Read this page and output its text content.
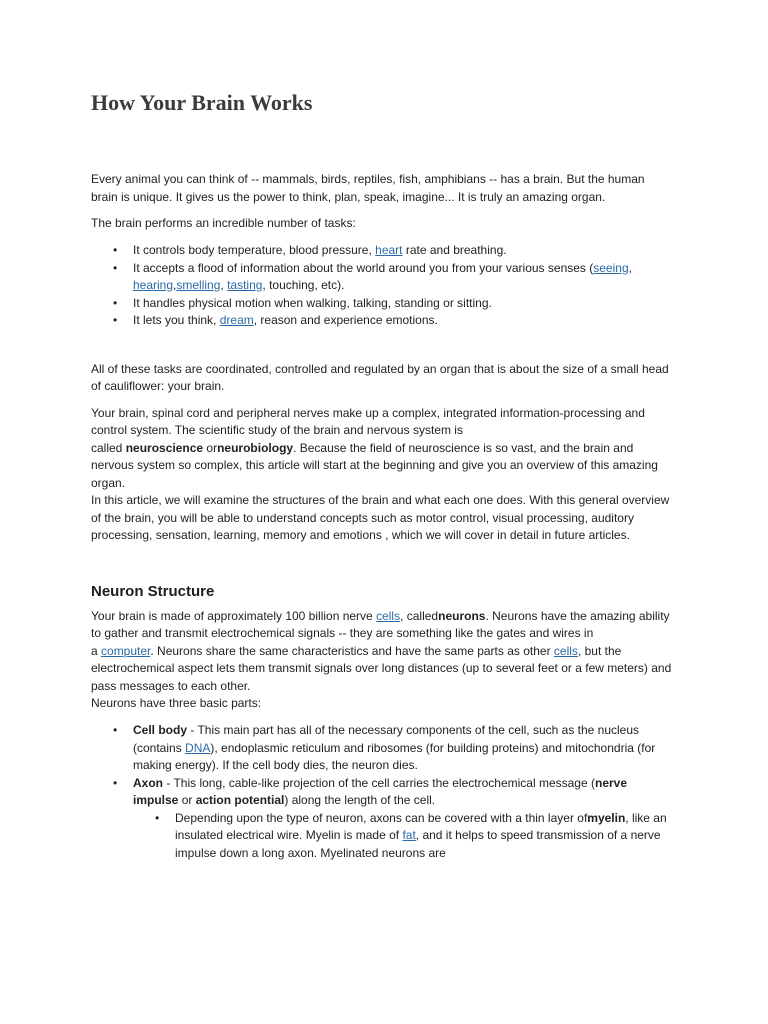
How Your Brain Works

Every animal you can think of -- mammals, birds, reptiles, fish, amphibians -- has a brain. But the human brain is unique. It gives us the power to think, plan, speak, imagine... It is truly an amazing organ.

The brain performs an incredible number of tasks:

• It controls body temperature, blood pressure, heart rate and breathing.
• It accepts a flood of information about the world around you from your various senses (seeing, hearing,smelling, tasting, touching, etc).
• It handles physical motion when walking, talking, standing or sitting.
• It lets you think, dream, reason and experience emotions.

All of these tasks are coordinated, controlled and regulated by an organ that is about the size of a small head of cauliflower: your brain.

Your brain, spinal cord and peripheral nerves make up a complex, integrated information-processing and control system. The scientific study of the brain and nervous system is
called neuroscience orneurobiology. Because the field of neuroscience is so vast, and the brain and nervous system so complex, this article will start at the beginning and give you an overview of this amazing organ.

In this article, we will examine the structures of the brain and what each one does. With this general overview of the brain, you will be able to understand concepts such as motor control, visual processing, auditory processing, sensation, learning, memory and emotions , which we will cover in detail in future articles.

Neuron Structure

Your brain is made of approximately 100 billion nerve cells, calledneurons. Neurons have the amazing ability to gather and transmit electrochemical signals -- they are something like the gates and wires in
a computer. Neurons share the same characteristics and have the same parts as other cells, but the electrochemical aspect lets them transmit signals over long distances (up to several feet or a few meters) and pass messages to each other.

Neurons have three basic parts:

• Cell body - This main part has all of the necessary components of the cell, such as the nucleus (contains DNA), endoplasmic reticulum and ribosomes (for building proteins) and mitochondria (for making energy). If the cell body dies, the neuron dies.
• Axon - This long, cable-like projection of the cell carries the electrochemical message (nerve impulse or action potential) along the length of the cell.
• Depending upon the type of neuron, axons can be covered with a thin layer ofmyelin, like an insulated electrical wire. Myelin is made of fat, and it helps to speed transmission of a nerve impulse down a long axon. Myelinated neurons are
